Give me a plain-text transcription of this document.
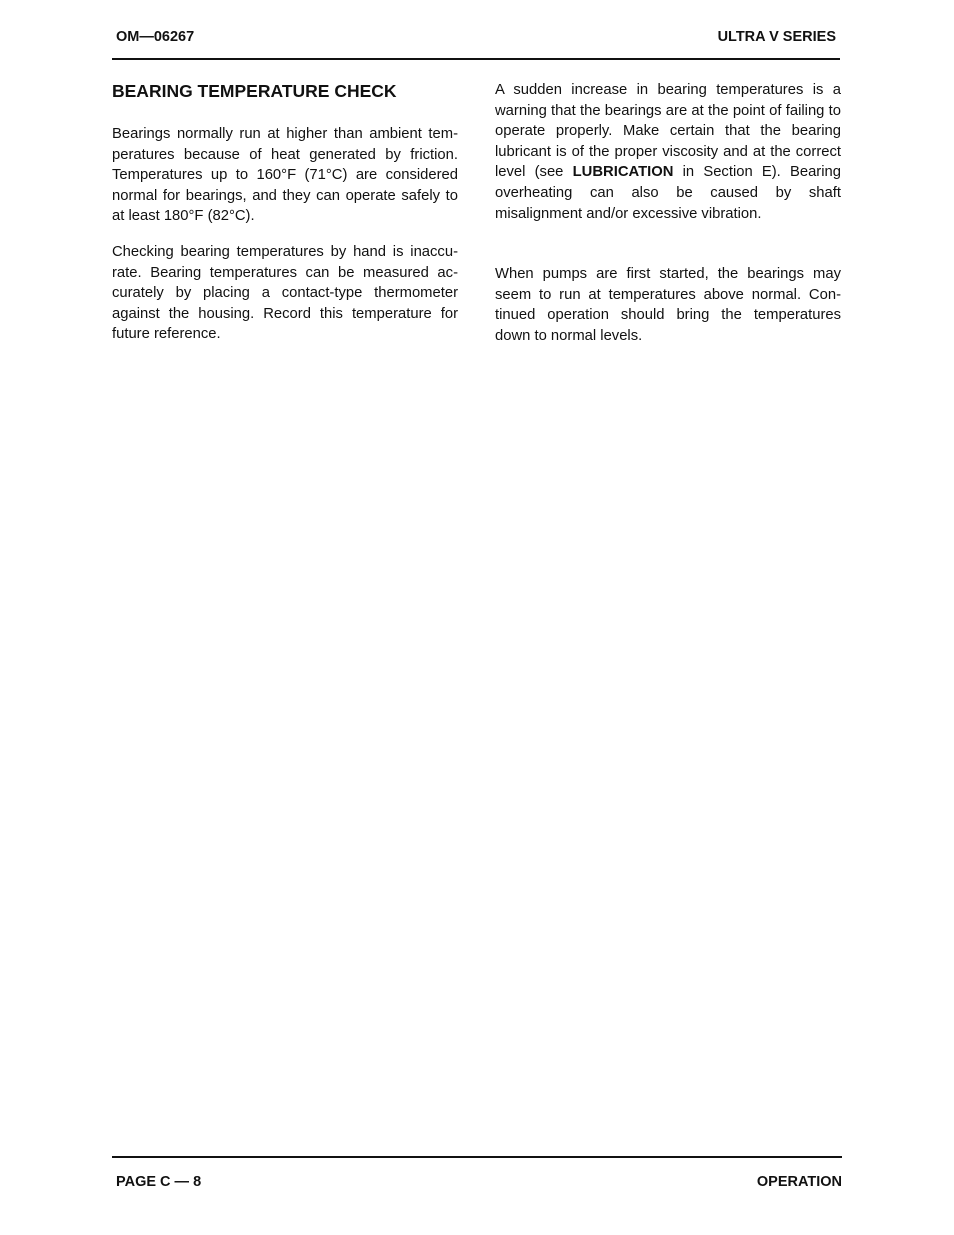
OM—06267	ULTRA V SERIES
BEARING TEMPERATURE CHECK

Bearings normally run at higher than ambient temperatures because of heat generated by friction. Temperatures up to 160°F (71°C) are considered normal for bearings, and they can operate safely to at least 180°F (82°C).

Checking bearing temperatures by hand is inaccurate. Bearing temperatures can be measured accurately by placing a contact-type thermometer against the housing. Record this temperature for future reference.

A sudden increase in bearing temperatures is a warning that the bearings are at the point of failing to operate properly. Make certain that the bearing lubricant is of the proper viscosity and at the correct level (see LUBRICATION in Section E). Bearing overheating can also be caused by shaft misalignment and/or excessive vibration.

When pumps are first started, the bearings may seem to run at temperatures above normal. Continued operation should bring the temperatures down to normal levels.

PAGE C — 8	OPERATION
